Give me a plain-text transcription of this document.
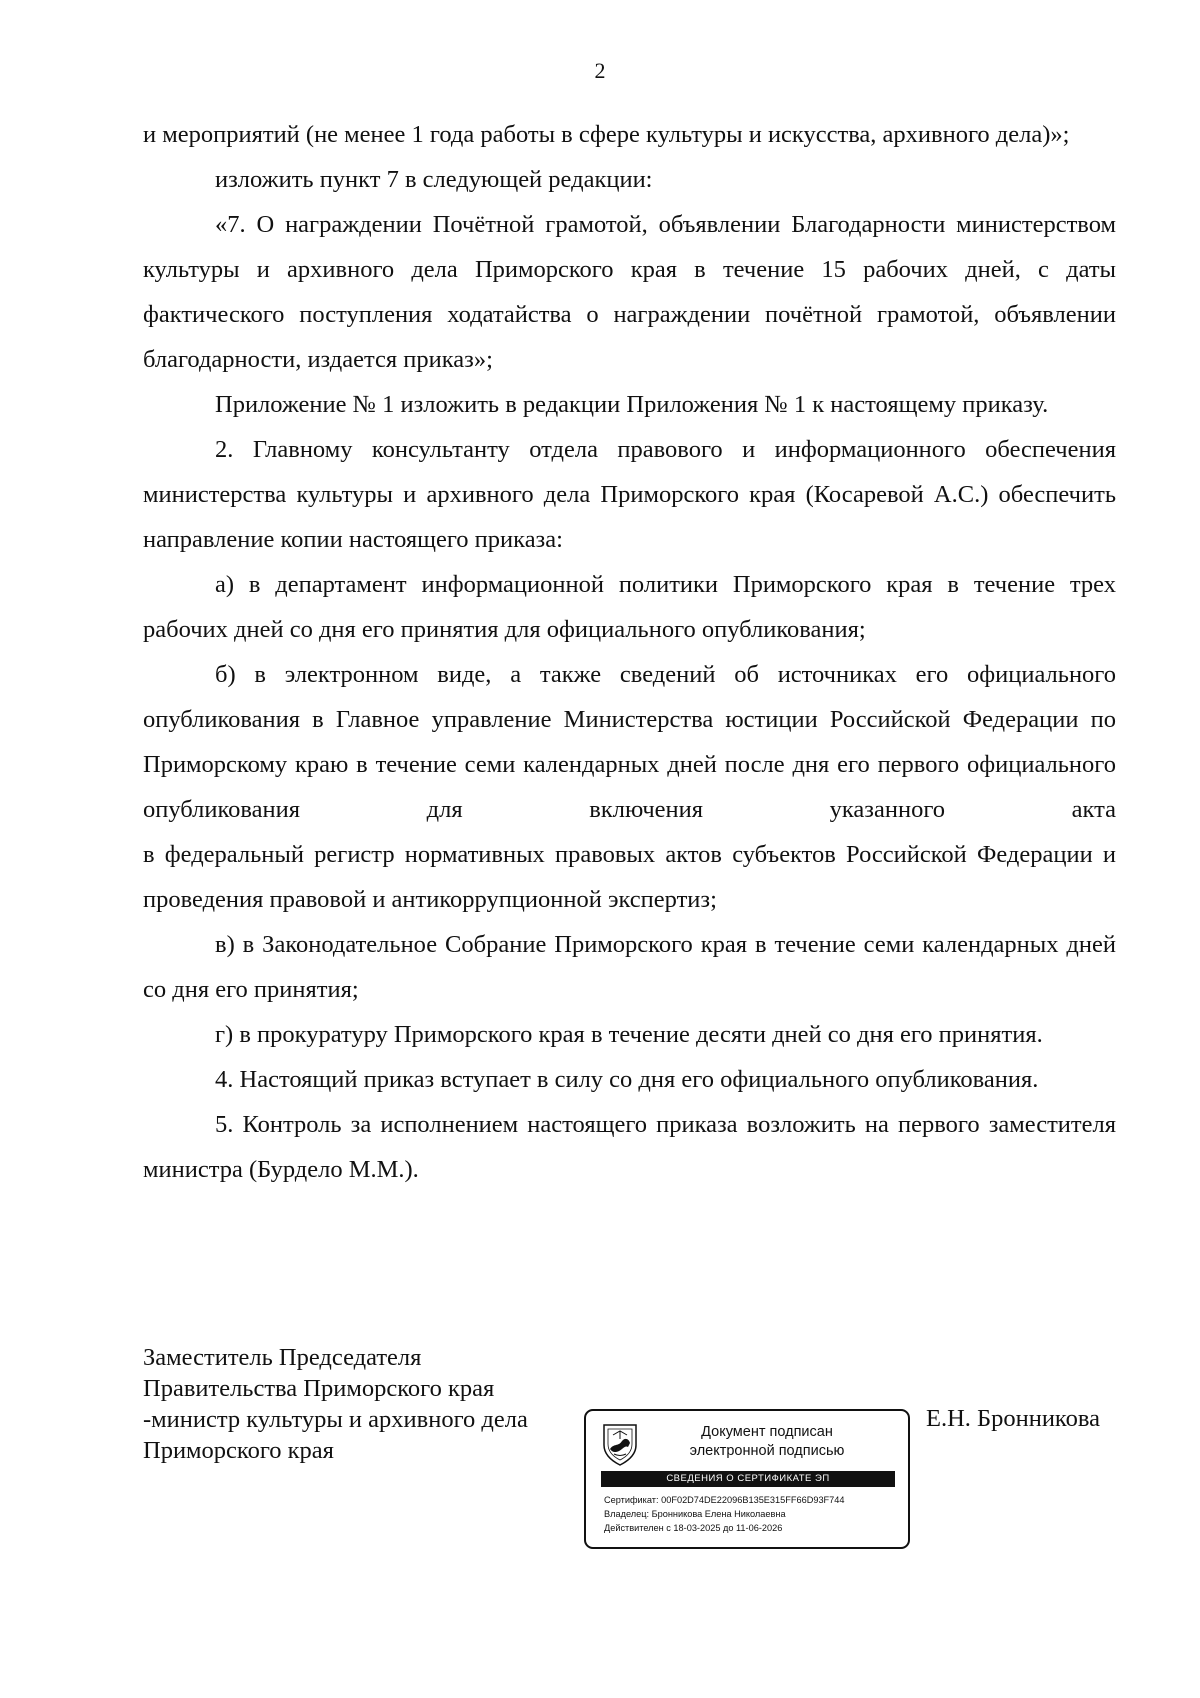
2

и мероприятий (не менее 1 года работы в сфере культуры и искусства, архивного дела)»;

изложить пункт 7 в следующей редакции:

«7. О награждении Почётной грамотой, объявлении Благодарности министерством культуры и архивного дела Приморского края в течение 15 рабочих дней, с даты фактического поступления ходатайства о награждении почётной грамотой, объявлении благодарности, издается приказ»;

Приложение № 1 изложить в редакции Приложения № 1 к настоящему приказу.

2. Главному консультанту отдела правового и информационного обеспечения министерства культуры и архивного дела Приморского края (Косаревой А.С.) обеспечить направление копии настоящего приказа:

а) в департамент информационной политики Приморского края в течение трех рабочих дней со дня его принятия для официального опубликования;

б) в электронном виде, а также сведений об источниках его официального опубликования в Главное управление Министерства юстиции Российской Федерации по Приморскому краю в течение семи календарных дней после дня его первого официального опубликования для включения указанного акта

в федеральный регистр нормативных правовых актов субъектов Российской Федерации и проведения правовой и антикоррупционной экспертиз;

в) в Законодательное Собрание Приморского края в течение семи календарных дней со дня его принятия;

г) в прокуратуру Приморского края в течение десяти дней со дня его принятия.

4. Настоящий приказ вступает в силу со дня его официального опубликования.

5. Контроль за исполнением настоящего приказа возложить на первого заместителя министра (Бурдело М.М.).

Заместитель Председателя
Правительства Приморского края
-министр культуры и архивного дела
Приморского края
Документ подписан
электронной подписью
СВЕДЕНИЯ О СЕРТИФИКАТЕ ЭП
Сертификат: 00F02D74DE22096B135E315FF66D93F744
Владелец: Бронникова Елена Николаевна
Действителен с 18-03-2025 до 11-06-2026
Е.Н. Бронникова
